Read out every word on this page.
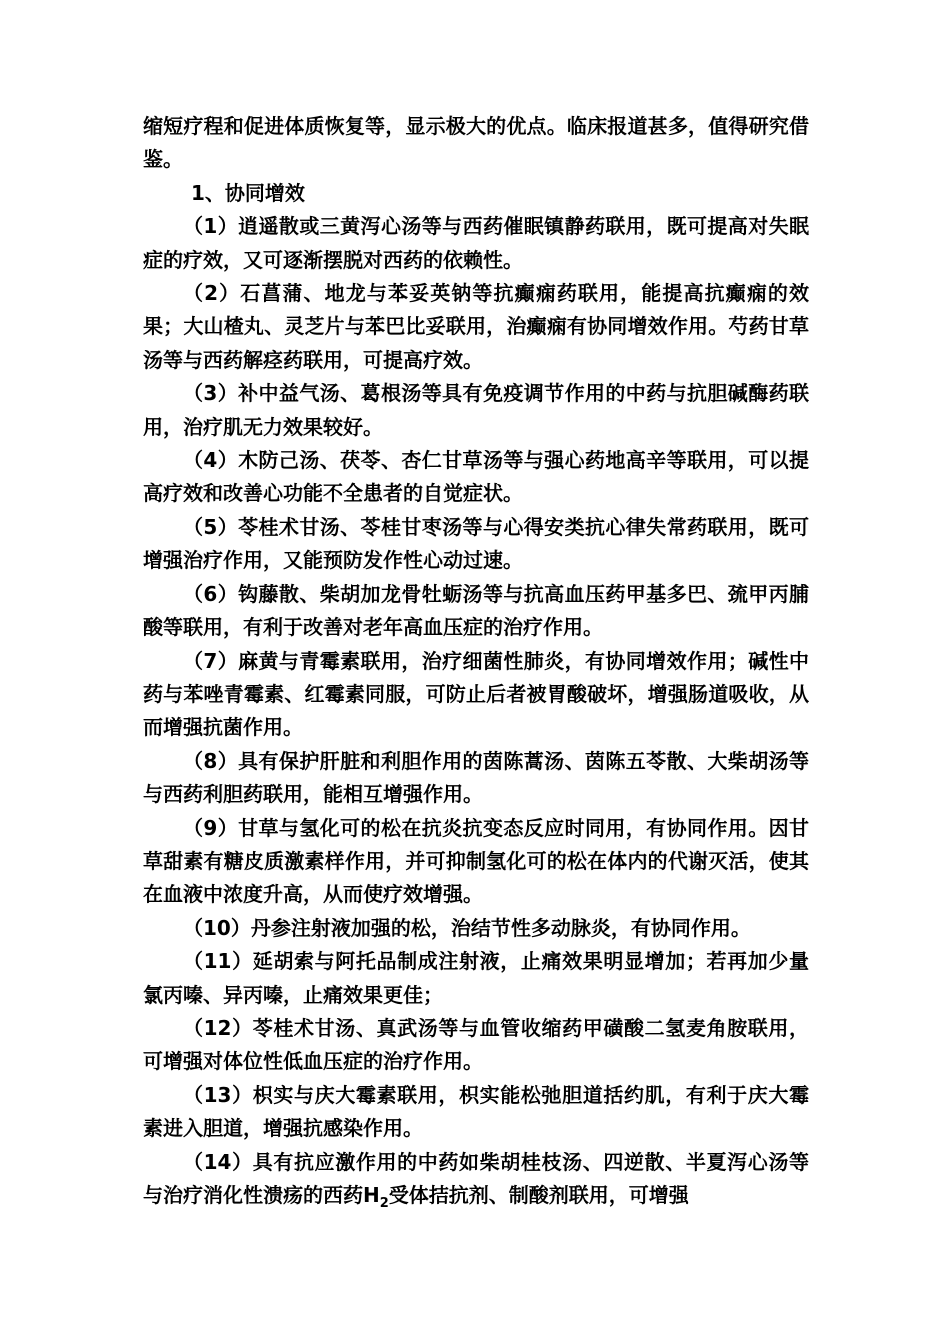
缩短疗程和促进体质恢复等，显示极大的优点。临床报道甚多，值得研究借鉴。

1、协同增效

（1）逍遥散或三黄泻心汤等与西药催眠镇静药联用，既可提高对失眠症的疗效，又可逐渐摆脱对西药的依赖性。

（2）石菖蒲、地龙与苯妥英钠等抗癫痫药联用，能提高抗癫痫的效果；大山楂丸、灵芝片与苯巴比妥联用，治癫痫有协同增效作用。芍药甘草汤等与西药解痉药联用，可提高疗效。

（3）补中益气汤、葛根汤等具有免疫调节作用的中药与抗胆碱酶药联用，治疗肌无力效果较好。

（4）木防己汤、茯苓、杏仁甘草汤等与强心药地高辛等联用，可以提高疗效和改善心功能不全患者的自觉症状。

（5）苓桂术甘汤、苓桂甘枣汤等与心得安类抗心律失常药联用，既可增强治疗作用，又能预防发作性心动过速。

（6）钩藤散、柴胡加龙骨牡蛎汤等与抗高血压药甲基多巴、巯甲丙脯酸等联用，有利于改善对老年高血压症的治疗作用。

（7）麻黄与青霉素联用，治疗细菌性肺炎，有协同增效作用；碱性中药与苯唑青霉素、红霉素同服，可防止后者被胃酸破坏，增强肠道吸收，从而增强抗菌作用。

（8）具有保护肝脏和利胆作用的茵陈蒿汤、茵陈五苓散、大柴胡汤等与西药利胆药联用，能相互增强作用。

（9）甘草与氢化可的松在抗炎抗变态反应时同用，有协同作用。因甘草甜素有糖皮质激素样作用，并可抑制氢化可的松在体内的代谢灭活，使其在血液中浓度升高，从而使疗效增强。

（10）丹参注射液加强的松，治结节性多动脉炎，有协同作用。

（11）延胡索与阿托品制成注射液，止痛效果明显增加；若再加少量氯丙嗪、异丙嗪，止痛效果更佳；

（12）苓桂术甘汤、真武汤等与血管收缩药甲磺酸二氢麦角胺联用，可增强对体位性低血压症的治疗作用。

（13）枳实与庆大霉素联用，枳实能松弛胆道括约肌，有利于庆大霉素进入胆道，增强抗感染作用。

（14）具有抗应激作用的中药如柴胡桂枝汤、四逆散、半夏泻心汤等与治疗消化性溃疡的西药$H_2$受体拮抗剂、制酸剂联用，可增强
